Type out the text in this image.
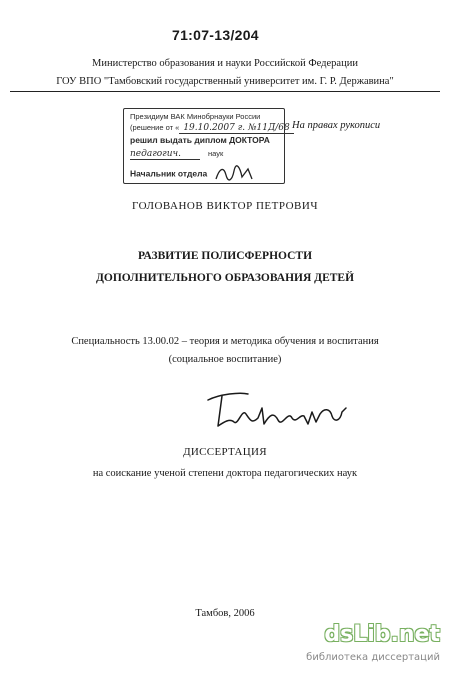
71:07-13/204
Министерство образования и науки Российской Федерации
ГОУ ВПО "Тамбовский государственный университет им. Г. Р. Державина"
Президиум ВАК Минобрнауки России
(решение от « 19.10.2007 г. №11Д/68
решил выдать диплом ДОКТОРА
педагогич.	наук
Начальник отдела
На правах рукописи
ГОЛОВАНОВ ВИКТОР ПЕТРОВИЧ
РАЗВИТИЕ ПОЛИСФЕРНОСТИ
ДОПОЛНИТЕЛЬНОГО ОБРАЗОВАНИЯ ДЕТЕЙ
Специальность 13.00.02 – теория и методика обучения и воспитания
(социальное воспитание)
ДИССЕРТАЦИЯ
на соискание ученой степени доктора педагогических наук
Тамбов, 2006
dsLib.net
библиотека диссертаций
